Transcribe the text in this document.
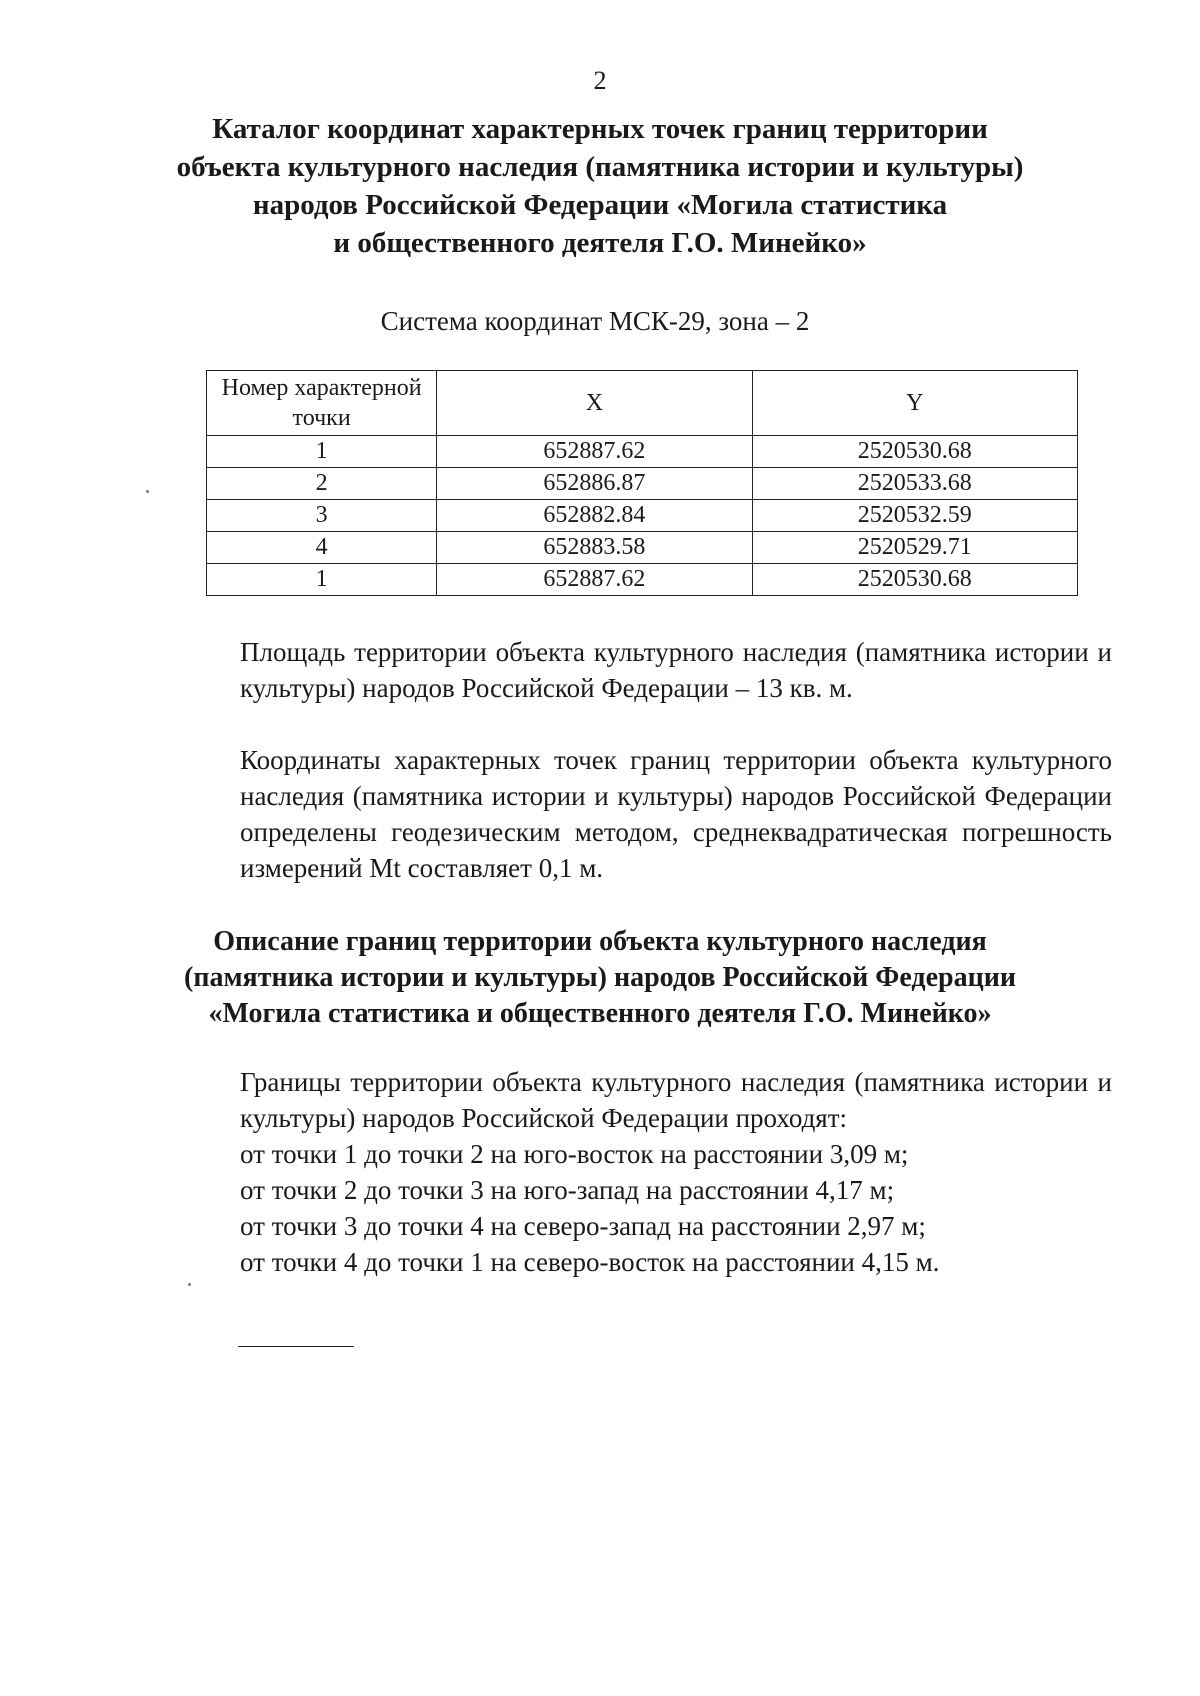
2
Каталог координат характерных точек границ территории
объекта культурного наследия (памятника истории и культуры)
народов Российской Федерации «Могила статистика
и общественного деятеля Г.О. Минейко»
Система координат МСК-29, зона – 2
Номер характерной
точки	X	Y
1	652887.62	2520530.68
2	652886.87	2520533.68
3	652882.84	2520532.59
4	652883.58	2520529.71
1	652887.62	2520530.68
Площадь территории объекта культурного наследия (памятника истории и культуры) народов Российской Федерации – 13 кв. м.
Координаты характерных точек границ территории объекта культурного наследия (памятника истории и культуры) народов Российской Федерации определены геодезическим методом, среднеквадратическая погрешность измерений Mt составляет 0,1 м.
Описание границ территории объекта культурного наследия
(памятника истории и культуры) народов Российской Федерации
«Могила статистика и общественного деятеля Г.О. Минейко»
Границы территории объекта культурного наследия (памятника истории и культуры) народов Российской Федерации проходят:
от точки 1 до точки 2 на юго-восток на расстоянии 3,09 м;
от точки 2 до точки 3 на юго-запад на расстоянии 4,17 м;
от точки 3 до точки 4 на северо-запад на расстоянии 2,97 м;
от точки 4 до точки 1 на северо-восток на расстоянии 4,15 м.
